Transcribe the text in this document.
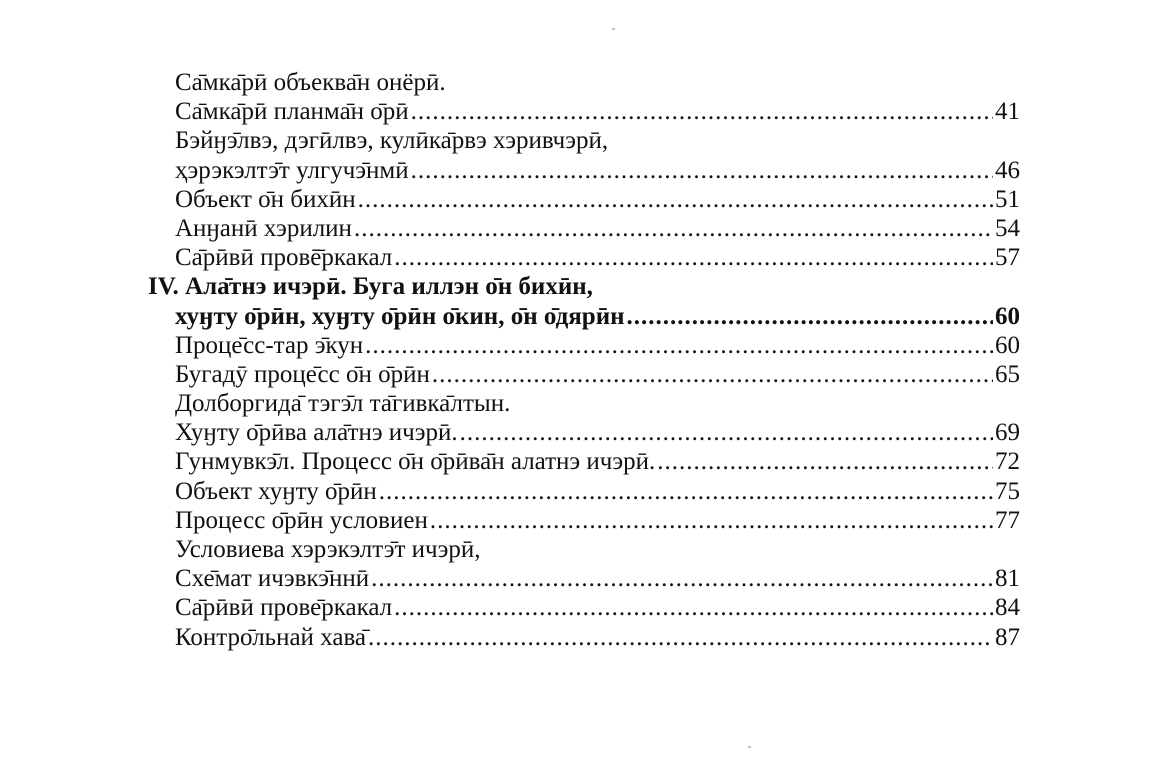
Са̄мка̄рӣ объеква̄н онёрӣ.
Са̄мка̄рӣ планма̄н о̄рӣ .....	41
Бэйӈэ̄лвэ, дэгӣлвэ, кулӣка̄рвэ хэривчэрӣ,
ҳэрэкэлтэ̄т улгучэ̄нмӣ .....	46
Объект о̄н бихӣн .....	51
Анӈанӣ хэрилин .....	54
Са̄рӣвӣ провē̄ркакал .....	57
IV. Ала̄тнэ ичэрӣ. Буга иллэн о̄н бихӣн,
хуӈту о̄рӣн, хуӈту о̄рӣн о̄кин, о̄н о̄дярӣн .....	60
Проце̄сс-тар э̄кун .....	60
Бугадӯ проце̄сс о̄н о̄рӣн .....	65
Долборгида̄ тэгэ̄л та̄гивка̄лтын.
Хуӈту о̄рӣва ала̄тнэ ичэрӣ. .....	69
Гунмувкэ̄л. Процесс о̄н о̄рӣва̄н алатнэ ичэрӣ. .....	72
Объект хуӈту о̄рӣн .....	75
Процесс о̄рӣн условиен .....	77
Условиева хэрэкэлтэ̄т ичэрӣ,
Схе̄мат ичэвкэ̄ннӣ .....	81
Са̄рӣвӣ прове̄ркакал .....	84
Контро̄льнай хава̄ .....	87
